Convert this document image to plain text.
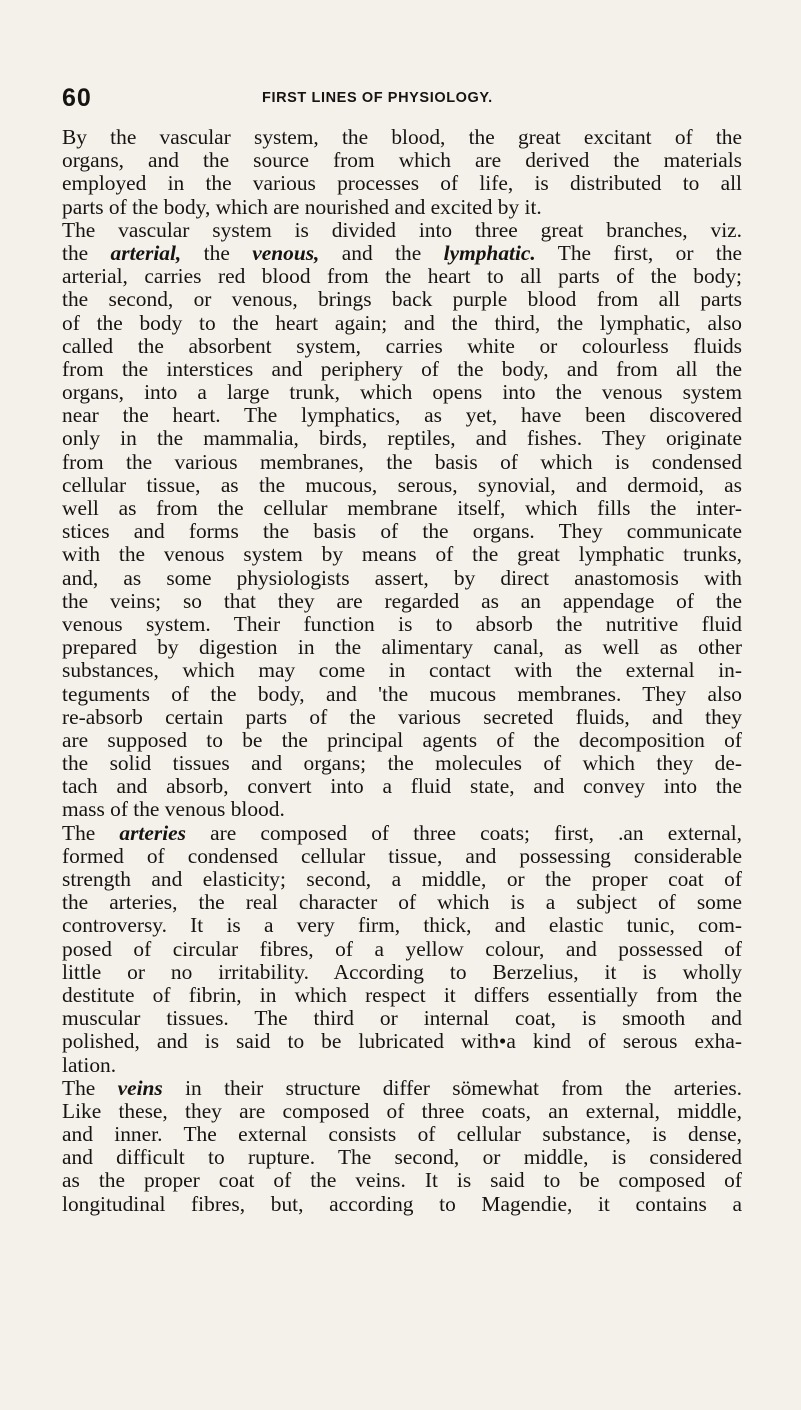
60	FIRST LINES OF PHYSIOLOGY.
By the vascular system, the blood, the great excitant of the
organs, and the source from which are derived the materials
employed in the various processes of life, is distributed to all
parts of the body, which are nourished and excited by it.
The vascular system is divided into three great branches, viz.
the arterial, the venous, and the lymphatic. The first, or the
arterial, carries red blood from the heart to all parts of the body;
the second, or venous, brings back purple blood from all parts
of the body to the heart again; and the third, the lymphatic, also
called the absorbent system, carries white or colourless fluids
from the interstices and periphery of the body, and from all the
organs, into a large trunk, which opens into the venous system
near the heart. The lymphatics, as yet, have been discovered
only in the mammalia, birds, reptiles, and fishes. They originate
from the various membranes, the basis of which is condensed
cellular tissue, as the mucous, serous, synovial, and dermoid, as
well as from the cellular membrane itself, which fills the inter-
stices and forms the basis of the organs. They communicate
with the venous system by means of the great lymphatic trunks,
and, as some physiologists assert, by direct anastomosis with
the veins; so that they are regarded as an appendage of the
venous system. Their function is to absorb the nutritive fluid
prepared by digestion in the alimentary canal, as well as other
substances, which may come in contact with the external in-
teguments of the body, and 'the mucous membranes. They also
re-absorb certain parts of the various secreted fluids, and they
are supposed to be the principal agents of the decomposition of
the solid tissues and organs; the molecules of which they de-
tach and absorb, convert into a fluid state, and convey into the
mass of the venous blood.
The arteries are composed of three coats; first, .an external,
formed of condensed cellular tissue, and possessing considerable
strength and elasticity; second, a middle, or the proper coat of
the arteries, the real character of which is a subject of some
controversy. It is a very firm, thick, and elastic tunic, com-
posed of circular fibres, of a yellow colour, and possessed of
little or no irritability. According to Berzelius, it is wholly
destitute of fibrin, in which respect it differs essentially from the
muscular tissues. The third or internal coat, is smooth and
polished, and is said to be lubricated with•a kind of serous exha-
lation.
The veins in their structure differ sömewhat from the arteries.
Like these, they are composed of three coats, an external, middle,
and inner. The external consists of cellular substance, is dense,
and difficult to rupture. The second, or middle, is considered
as the proper coat of the veins. It is said to be composed of
longitudinal fibres, but, according to Magendie, it contains a
